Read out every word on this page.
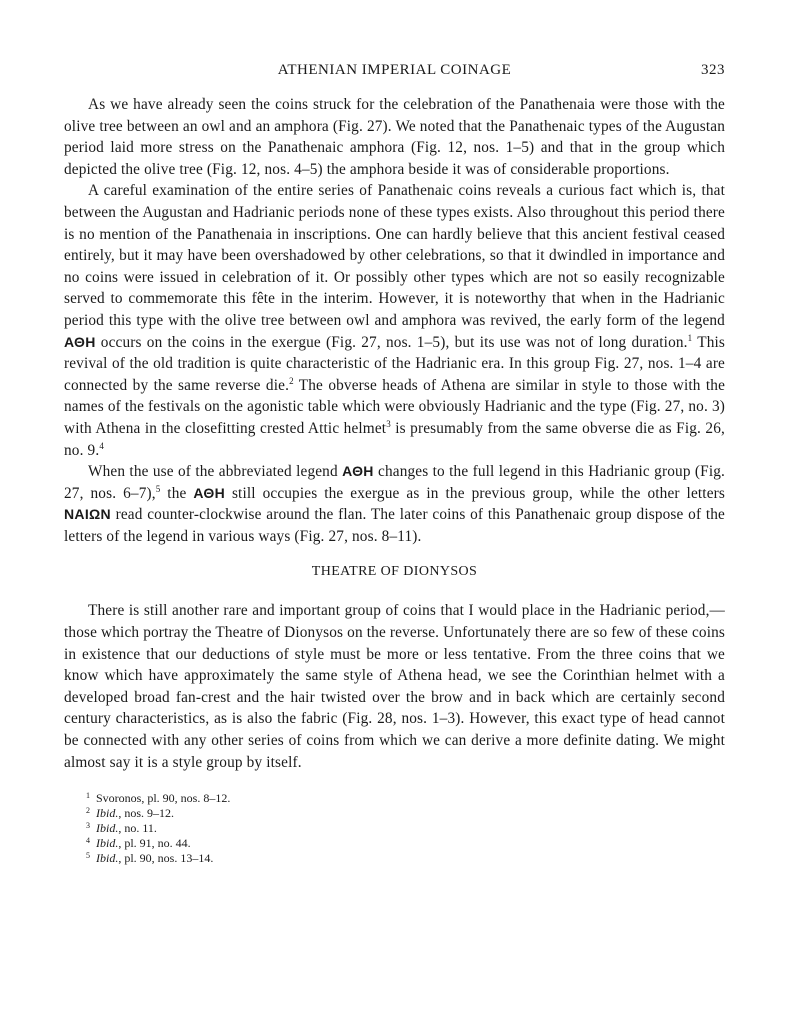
ATHENIAN IMPERIAL COINAGE	323

As we have already seen the coins struck for the celebration of the Panathenaia were those with the olive tree between an owl and an amphora (Fig. 27). We noted that the Panathenaic types of the Augustan period laid more stress on the Panathenaic amphora (Fig. 12, nos. 1–5) and that in the group which depicted the olive tree (Fig. 12, nos. 4–5) the amphora beside it was of considerable proportions.

A careful examination of the entire series of Panathenaic coins reveals a curious fact which is, that between the Augustan and Hadrianic periods none of these types exists. Also throughout this period there is no mention of the Panathenaia in inscriptions. One can hardly believe that this ancient festival ceased entirely, but it may have been overshadowed by other celebrations, so that it dwindled in importance and no coins were issued in celebration of it. Or possibly other types which are not so easily recognizable served to commemorate this fête in the interim. However, it is noteworthy that when in the Hadrianic period this type with the olive tree between owl and amphora was revived, the early form of the legend ΑΘΗ occurs on the coins in the exergue (Fig. 27, nos. 1–5), but its use was not of long duration.$^1$ This revival of the old tradition is quite characteristic of the Hadrianic era. In this group Fig. 27, nos. 1–4 are connected by the same reverse die.$^2$ The obverse heads of Athena are similar in style to those with the names of the festivals on the agonistic table which were obviously Hadrianic and the type (Fig. 27, no. 3) with Athena in the closefitting crested Attic helmet$^3$ is presumably from the same obverse die as Fig. 26, no. 9.$^4$

When the use of the abbreviated legend ΑΘΗ changes to the full legend in this Hadrianic group (Fig. 27, nos. 6–7),$^5$ the ΑΘΗ still occupies the exergue as in the previous group, while the other letters ΝΑΙΩΝ read counter-clockwise around the flan. The later coins of this Panathenaic group dispose of the letters of the legend in various ways (Fig. 27, nos. 8–11).

THEATRE OF DIONYSOS

There is still another rare and important group of coins that I would place in the Hadrianic period,—those which portray the Theatre of Dionysos on the reverse. Unfortunately there are so few of these coins in existence that our deductions of style must be more or less tentative. From the three coins that we know which have approximately the same style of Athena head, we see the Corinthian helmet with a developed broad fan-crest and the hair twisted over the brow and in back which are certainly second century characteristics, as is also the fabric (Fig. 28, nos. 1–3). However, this exact type of head cannot be connected with any other series of coins from which we can derive a more definite dating. We might almost say it is a style group by itself.

1 Svoronos, pl. 90, nos. 8–12.
2 Ibid., nos. 9–12.
3 Ibid., no. 11.
4 Ibid., pl. 91, no. 44.
5 Ibid., pl. 90, nos. 13–14.
